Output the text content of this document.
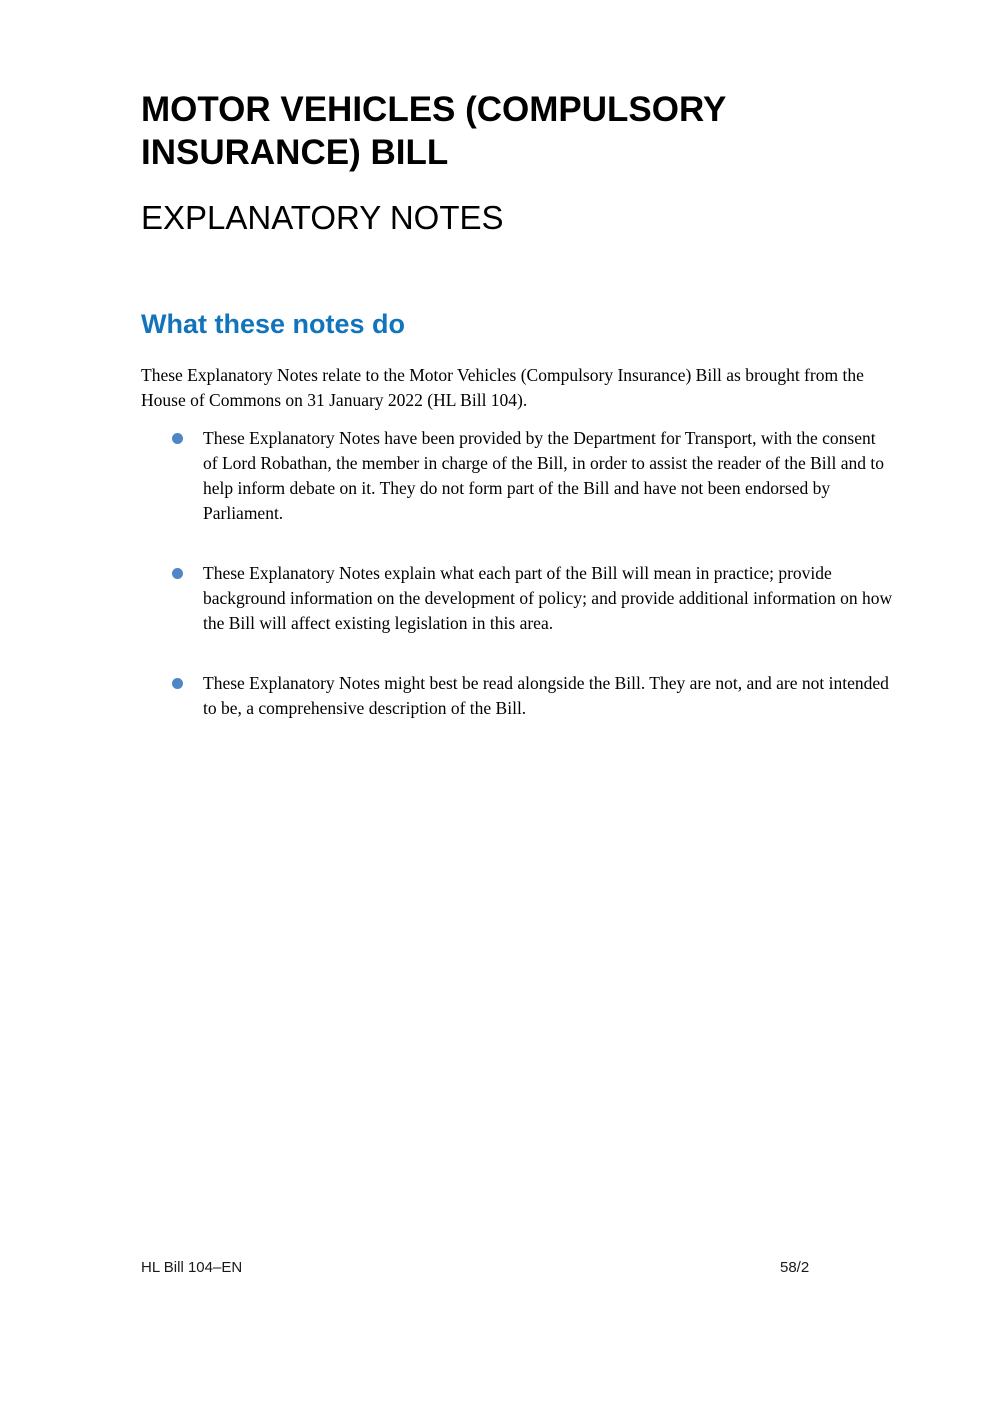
MOTOR VEHICLES (COMPULSORY INSURANCE) BILL
EXPLANATORY NOTES
What these notes do

These Explanatory Notes relate to the Motor Vehicles (Compulsory Insurance) Bill as brought from the House of Commons on 31 January 2022 (HL Bill 104).

These Explanatory Notes have been provided by the Department for Transport, with the consent of Lord Robathan, the member in charge of the Bill, in order to assist the reader of the Bill and to help inform debate on it. They do not form part of the Bill and have not been endorsed by Parliament.
These Explanatory Notes explain what each part of the Bill will mean in practice; provide background information on the development of policy; and provide additional information on how the Bill will affect existing legislation in this area.
These Explanatory Notes might best be read alongside the Bill. They are not, and are not intended to be, a comprehensive description of the Bill.
HL Bill 104–EN	58/2
